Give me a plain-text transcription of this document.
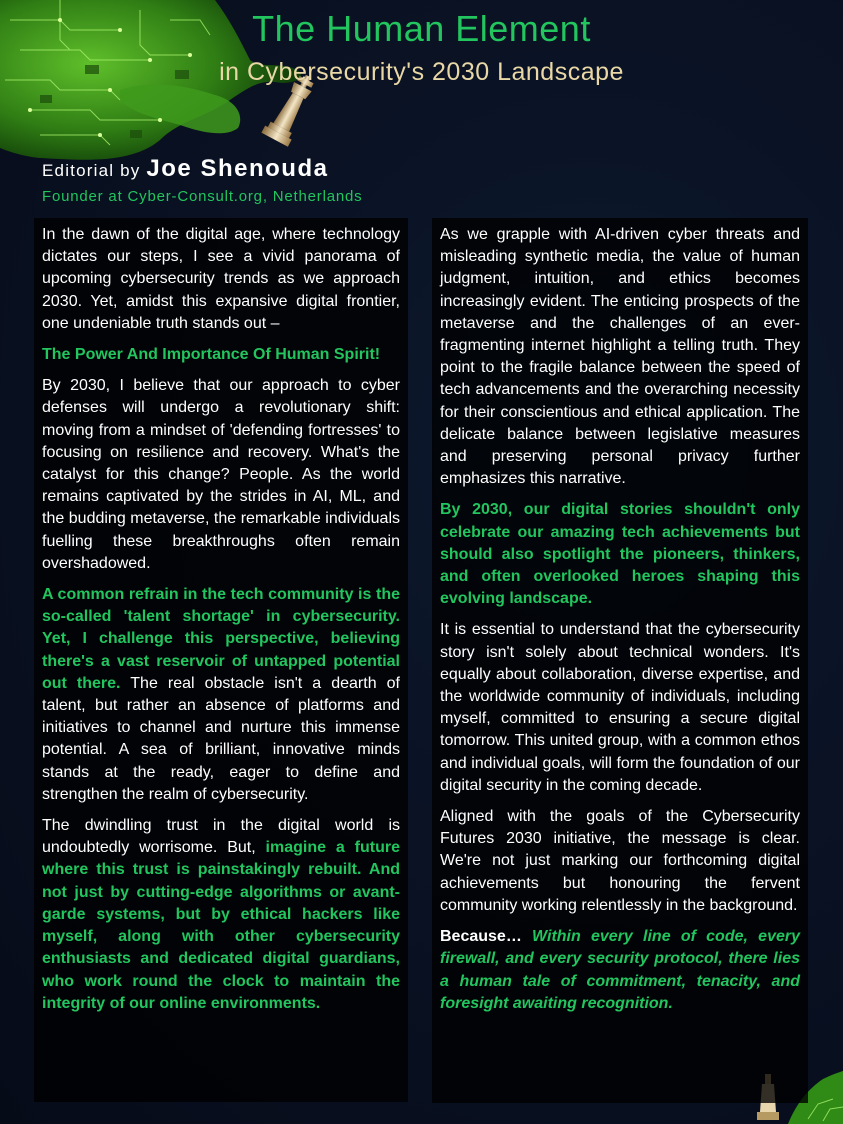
The Human Element
in Cybersecurity's 2030 Landscape
Editorial by Joe Shenouda
Founder at Cyber-Consult.org, Netherlands

In the dawn of the digital age, where technology dictates our steps, I see a vivid panorama of upcoming cybersecurity trends as we approach 2030. Yet, amidst this expansive digital frontier, one undeniable truth stands out –

The Power And Importance Of Human Spirit!

By 2030, I believe that our approach to cyber defenses will undergo a revolutionary shift: moving from a mindset of 'defending fortresses' to focusing on resilience and recovery. What's the catalyst for this change? People. As the world remains captivated by the strides in AI, ML, and the budding metaverse, the remarkable individuals fuelling these breakthroughs often remain overshadowed.

A common refrain in the tech community is the so-called 'talent shortage' in cybersecurity. Yet, I challenge this perspective, believing there's a vast reservoir of untapped potential out there. The real obstacle isn't a dearth of talent, but rather an absence of platforms and initiatives to channel and nurture this immense potential. A sea of brilliant, innovative minds stands at the ready, eager to define and strengthen the realm of cybersecurity.

The dwindling trust in the digital world is undoubtedly worrisome. But, imagine a future where this trust is painstakingly rebuilt. And not just by cutting-edge algorithms or avant-garde systems, but by ethical hackers like myself, along with other cybersecurity enthusiasts and dedicated digital guardians, who work round the clock to maintain the integrity of our online environments.

As we grapple with AI-driven cyber threats and misleading synthetic media, the value of human judgment, intuition, and ethics becomes increasingly evident. The enticing prospects of the metaverse and the challenges of an ever-fragmenting internet highlight a telling truth. They point to the fragile balance between the speed of tech advancements and the overarching necessity for their conscientious and ethical application. The delicate balance between legislative measures and preserving personal privacy further emphasizes this narrative.

By 2030, our digital stories shouldn't only celebrate our amazing tech achievements but should also spotlight the pioneers, thinkers, and often overlooked heroes shaping this evolving landscape.

It is essential to understand that the cybersecurity story isn't solely about technical wonders. It's equally about collaboration, diverse expertise, and the worldwide community of individuals, including myself, committed to ensuring a secure digital tomorrow. This united group, with a common ethos and individual goals, will form the foundation of our digital security in the coming decade.

Aligned with the goals of the Cybersecurity Futures 2030 initiative, the message is clear. We're not just marking our forthcoming digital achievements but honouring the fervent community working relentlessly in the background.

Because… Within every line of code, every firewall, and every security protocol, there lies a human tale of commitment, tenacity, and foresight awaiting recognition.
